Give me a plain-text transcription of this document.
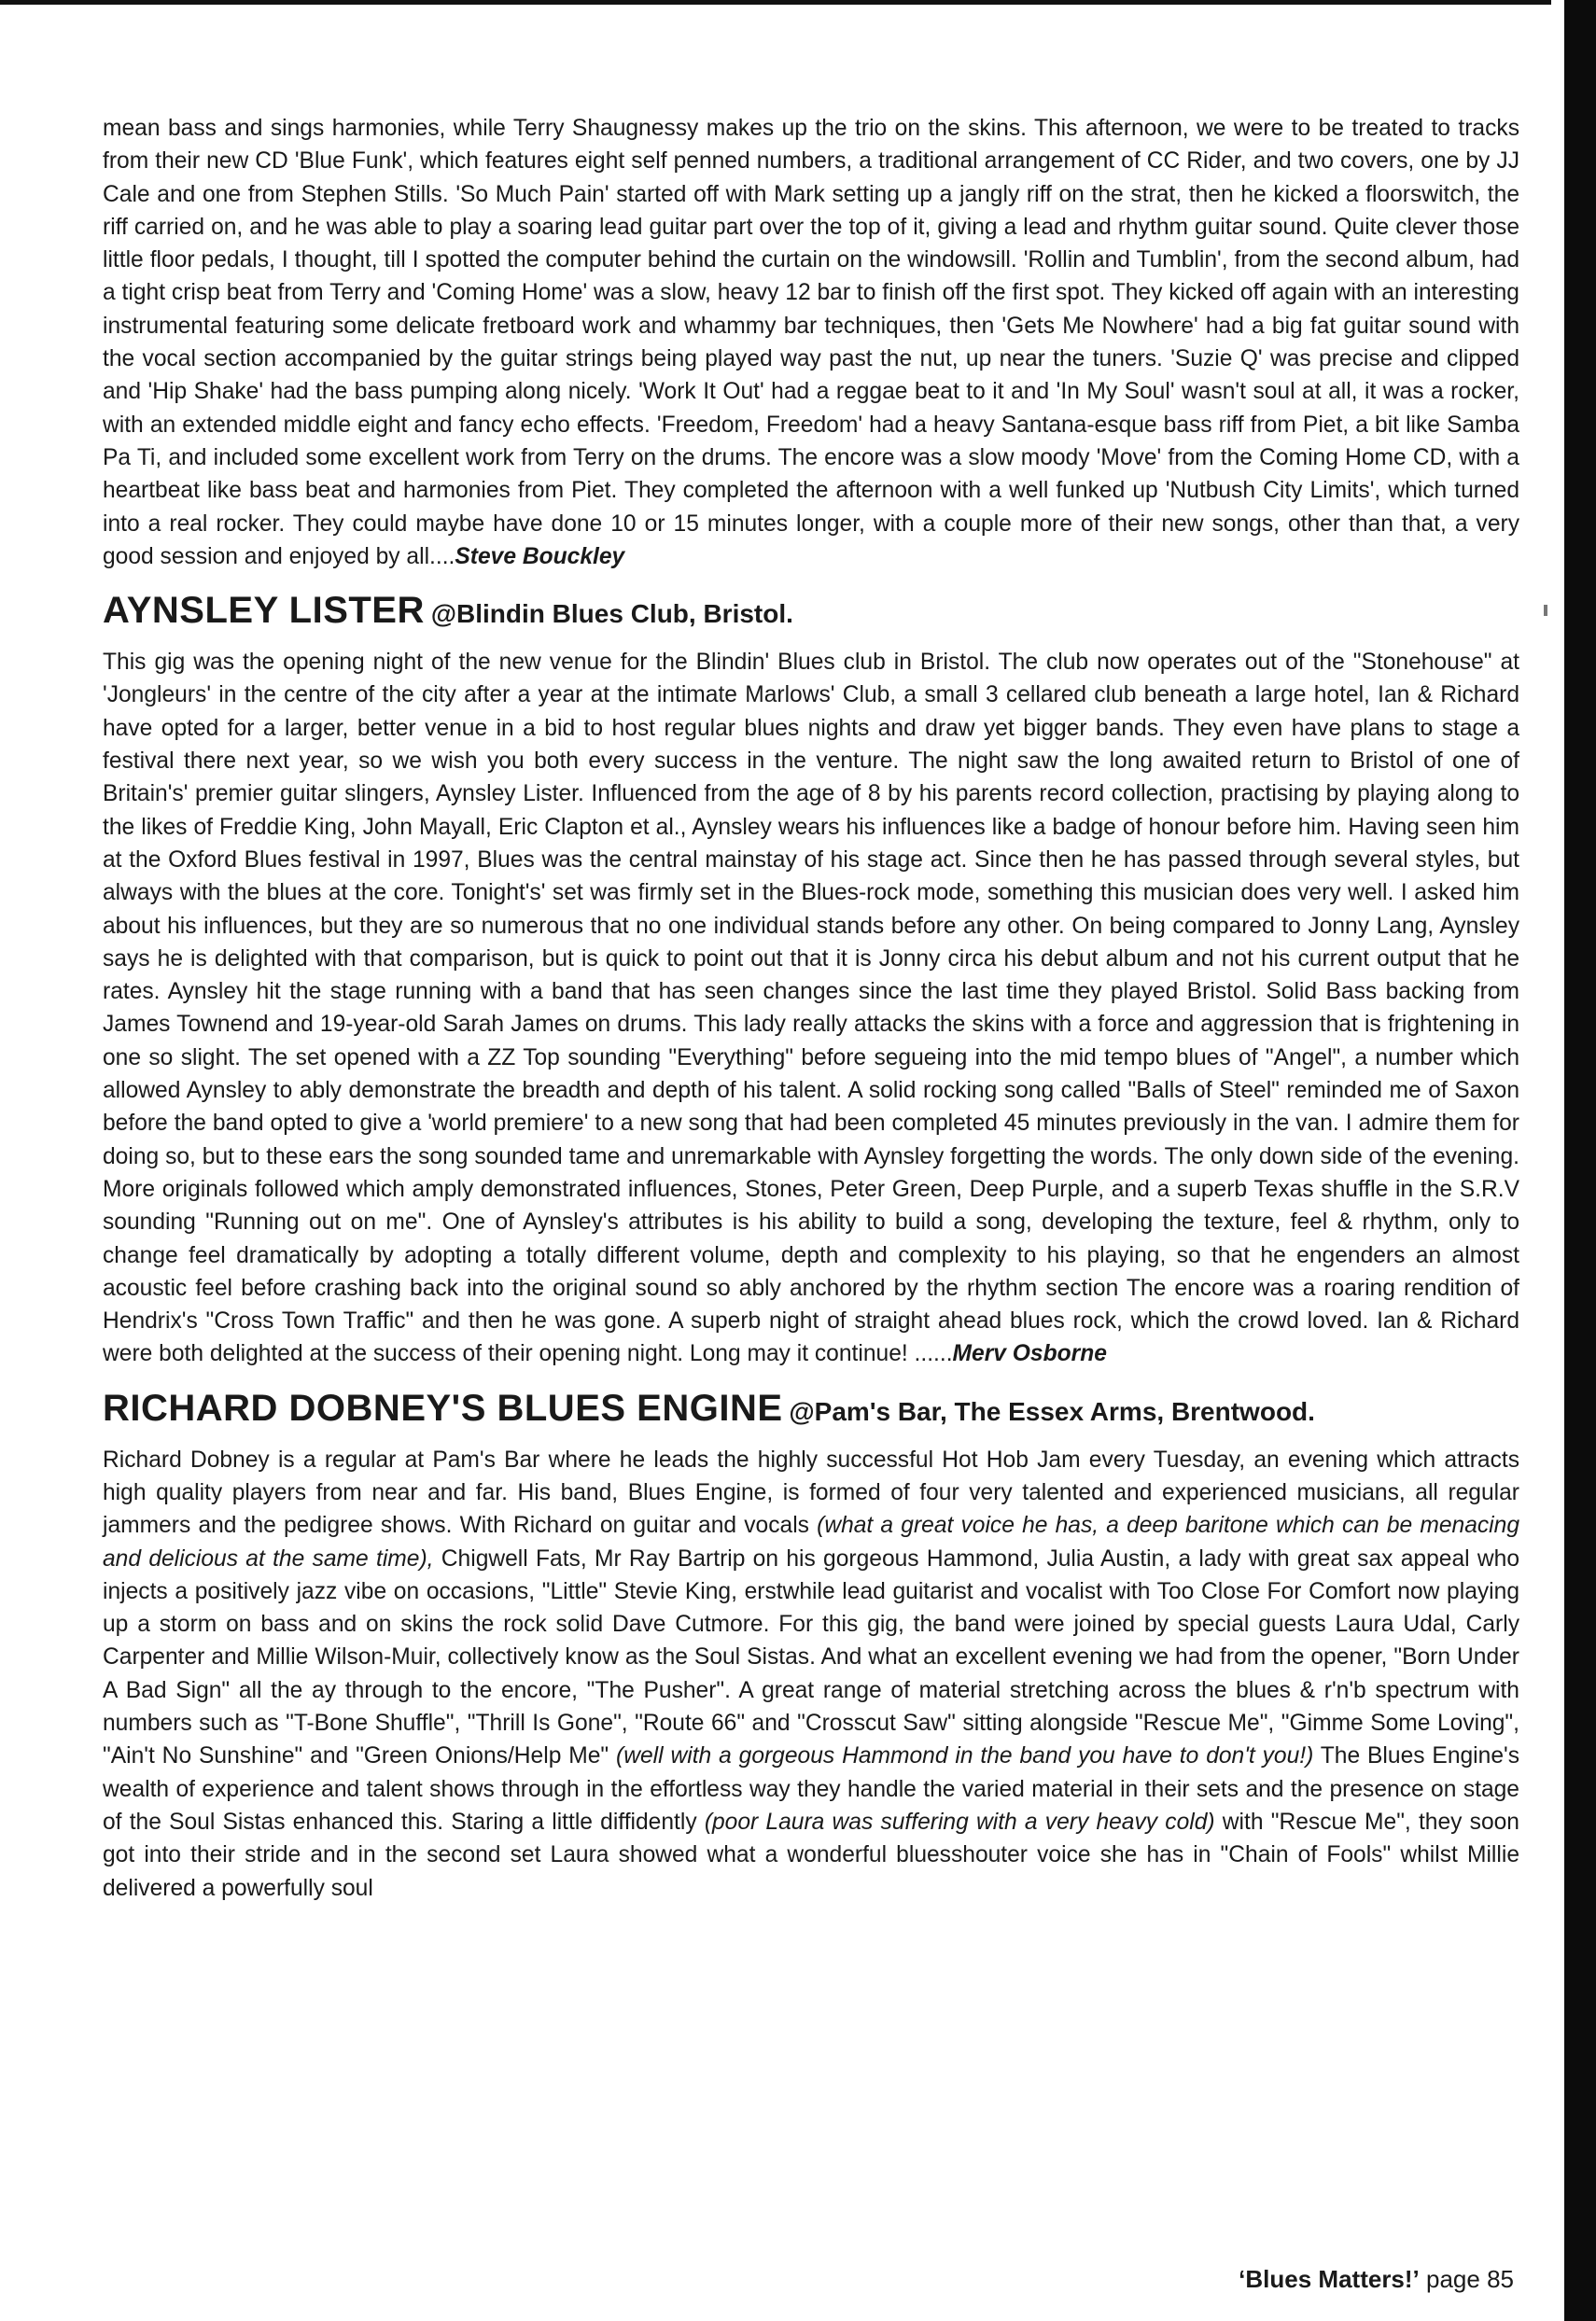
mean bass and sings harmonies, while Terry Shaugnessy makes up the trio on the skins. This afternoon, we were to be treated to tracks from their new CD 'Blue Funk', which features eight self penned numbers, a traditional arrangement of CC Rider, and two covers, one by JJ Cale and one from Stephen Stills. 'So Much Pain' started off with Mark setting up a jangly riff on the strat, then he kicked a floorswitch, the riff carried on, and he was able to play a soaring lead guitar part over the top of it, giving a lead and rhythm guitar sound. Quite clever those little floor pedals, I thought, till I spotted the computer behind the curtain on the windowsill. 'Rollin and Tumblin', from the second album, had a tight crisp beat from Terry and 'Coming Home' was a slow, heavy 12 bar to finish off the first spot. They kicked off again with an interesting instrumental featuring some delicate fretboard work and whammy bar techniques, then 'Gets Me Nowhere' had a big fat guitar sound with the vocal section accompanied by the guitar strings being played way past the nut, up near the tuners. 'Suzie Q' was precise and clipped and 'Hip Shake' had the bass pumping along nicely. 'Work It Out' had a reggae beat to it and 'In My Soul' wasn't soul at all, it was a rocker, with an extended middle eight and fancy echo effects. 'Freedom, Freedom' had a heavy Santana-esque bass riff from Piet, a bit like Samba Pa Ti, and included some excellent work from Terry on the drums. The encore was a slow moody 'Move' from the Coming Home CD, with a heartbeat like bass beat and harmonies from Piet. They completed the afternoon with a well funked up 'Nutbush City Limits', which turned into a real rocker. They could maybe have done 10 or 15 minutes longer, with a couple more of their new songs, other than that, a very good session and enjoyed by all....Steve Bouckley

AYNSLEY LISTER @Blindin Blues Club, Bristol.

This gig was the opening night of the new venue for the Blindin' Blues club in Bristol. The club now operates out of the "Stonehouse" at 'Jongleurs' in the centre of the city after a year at the intimate Marlows' Club, a small 3 cellared club beneath a large hotel, Ian & Richard have opted for a larger, better venue in a bid to host regular blues nights and draw yet bigger bands. They even have plans to stage a festival there next year, so we wish you both every success in the venture. The night saw the long awaited return to Bristol of one of Britain's' premier guitar slingers, Aynsley Lister. Influenced from the age of 8 by his parents record collection, practising by playing along to the likes of Freddie King, John Mayall, Eric Clapton et al., Aynsley wears his influences like a badge of honour before him. Having seen him at the Oxford Blues festival in 1997, Blues was the central mainstay of his stage act. Since then he has passed through several styles, but always with the blues at the core. Tonight's' set was firmly set in the Blues-rock mode, something this musician does very well. I asked him about his influences, but they are so numerous that no one individual stands before any other. On being compared to Jonny Lang, Aynsley says he is delighted with that comparison, but is quick to point out that it is Jonny circa his debut album and not his current output that he rates. Aynsley hit the stage running with a band that has seen changes since the last time they played Bristol. Solid Bass backing from James Townend and 19-year-old Sarah James on drums. This lady really attacks the skins with a force and aggression that is frightening in one so slight. The set opened with a ZZ Top sounding "Everything" before segueing into the mid tempo blues of "Angel", a number which allowed Aynsley to ably demonstrate the breadth and depth of his talent. A solid rocking song called "Balls of Steel" reminded me of Saxon before the band opted to give a 'world premiere' to a new song that had been completed 45 minutes previously in the van. I admire them for doing so, but to these ears the song sounded tame and unremarkable with Aynsley forgetting the words. The only down side of the evening. More originals followed which amply demonstrated influences, Stones, Peter Green, Deep Purple, and a superb Texas shuffle in the S.R.V sounding "Running out on me". One of Aynsley's attributes is his ability to build a song, developing the texture, feel & rhythm, only to change feel dramatically by adopting a totally different volume, depth and complexity to his playing, so that he engenders an almost acoustic feel before crashing back into the original sound so ably anchored by the rhythm section The encore was a roaring rendition of Hendrix's "Cross Town Traffic" and then he was gone. A superb night of straight ahead blues rock, which the crowd loved. Ian & Richard were both delighted at the success of their opening night. Long may it continue! ......Merv Osborne

RICHARD DOBNEY'S BLUES ENGINE @Pam's Bar, The Essex Arms, Brentwood.

Richard Dobney is a regular at Pam's Bar where he leads the highly successful Hot Hob Jam every Tuesday, an evening which attracts high quality players from near and far. His band, Blues Engine, is formed of four very talented and experienced musicians, all regular jammers and the pedigree shows. With Richard on guitar and vocals (what a great voice he has, a deep baritone which can be menacing and delicious at the same time), Chigwell Fats, Mr Ray Bartrip on his gorgeous Hammond, Julia Austin, a lady with great sax appeal who injects a positively jazz vibe on occasions, "Little" Stevie King, erstwhile lead guitarist and vocalist with Too Close For Comfort now playing up a storm on bass and on skins the rock solid Dave Cutmore. For this gig, the band were joined by special guests Laura Udal, Carly Carpenter and Millie Wilson-Muir, collectively know as the Soul Sistas. And what an excellent evening we had from the opener, "Born Under A Bad Sign" all the ay through to the encore, "The Pusher". A great range of material stretching across the blues & r'n'b spectrum with numbers such as "T-Bone Shuffle", "Thrill Is Gone", "Route 66" and "Crosscut Saw" sitting alongside "Rescue Me", "Gimme Some Loving", "Ain't No Sunshine" and "Green Onions/Help Me" (well with a gorgeous Hammond in the band you have to don't you!) The Blues Engine's wealth of experience and talent shows through in the effortless way they handle the varied material in their sets and the presence on stage of the Soul Sistas enhanced this. Staring a little diffidently (poor Laura was suffering with a very heavy cold) with "Rescue Me", they soon got into their stride and in the second set Laura showed what a wonderful bluesshouter voice she has in "Chain of Fools" whilst Millie delivered a powerfully soul

‘Blues Matters!’ page 85
